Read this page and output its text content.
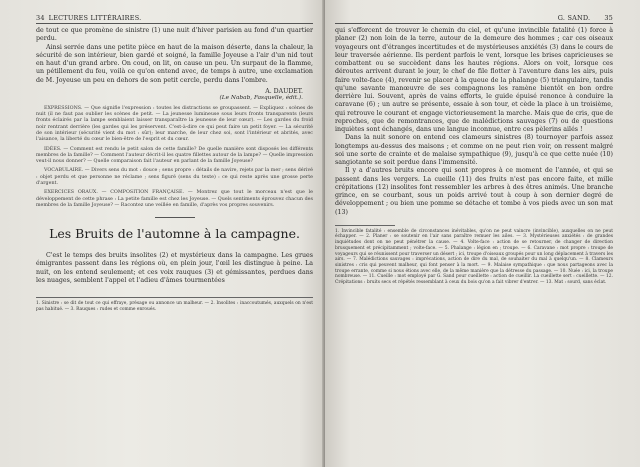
34 LECTURES LITTÉRAIRES.

de tout ce que promène de sinistre (1) une nuit d'hiver parisien au fond d'un quartier perdu.

Ainsi serrée dans une petite pièce en haut de la maison déserte, dans la chaleur, la sécurité de son intérieur, bien gardé et soigné, la famille Joyeuse a l'air d'un nid tout en haut d'un grand arbre. On coud, on lit, on cause un peu. Un surpaut de la flamme, un pétillement du feu, voilà ce qu'on entend avec, de temps à autre, une exclamation de M. Joyeuse un peu en dehors de son petit cercle, perdu dans l'ombre.

A. DAUDET.
(Le Nabab, Fasquelle, édit.).

EXPRESSIONS. — Que signifie l'expression : toutes les distractions se groupassent. — Expliquez : scènes de nuit (il ne faut pas oublier les scènes de petit. — La jeunesse lumineuse sous leurs fronts transparents (leurs fronts éclairés par la lampe semblaient laisser transparaître la jeunesse de leur cœur). — Les gardes du froid noir rentrant derrière (les gardes qui les préservent. C'est-à-dire ce qui peut faire un petit foyer. — La sécurité de son intérieur (sécurité vient du mot : sûr); leur marche, de leur chez soi, sont l'intérieur et abrités, avec l'aisance, la liberté du cœur le bien-être de l'esprit et du cœur.

IDÉES. — Comment est rendu le petit salon de cette famille? De quelle manière sont disposés les différents membres de la famille? — Comment l'auteur décrit-il les quatre fillettes autour de la lampe? — Quelle impression veut-il nous donner? — Quelle comparaison fait l'auteur en parlant de la famille Joyeuse?

VOCABULAIRE. — Divers sens du mot : douce ; sens propre : détails de navire, rejets par la mer ; sens dérivé : objet perdu et que personne ne réclame ; sens figuré (sens du texte) : ce qui reste après une grosse perte d'argent.

EXERCICES ORAUX. — COMPOSITION FRANÇAISE. — Montrez que tout le morceau n'est que le développement de cette phrase : La petite famille est chez les Joyeuse. — Quels sentiments éprouvez chacun des membres de la famille Joyeuse? — Racontez une veillée en famille, d'après vos propres souvenirs.

Les Bruits de l'automne à la campagne.

C'est le temps des bruits insolites (2) et mystérieux dans la campagne. Les grues émigrantes passent dans les régions où, en plein jour, l'œil les distingue à peine. La nuit, on les entend seulement; et ces voix rauques (3) et gémissantes, perdues dans les nuages, semblent l'appel et l'adieu d'âmes tourmentées

1. Sinistre : se dit de tout ce qui effraye, présage ou annonce un malheur. — 2. Insolites : inaccoutumés, auxquels on n'est pas habitué. — 3. Rauques : rudes et comme enroués.

G. SAND.	35

qui s'efforcent de trouver le chemin du ciel, et qu'une invincible fatalité (1) force à planer (2) non loin de la terre, autour de la demeure des hommes ; car ces oiseaux voyageurs ont d'étranges incertitudes et de mystérieuses anxiétés (3) dans le cours de leur traversée aérienne. Ils perdent parfois le vent, lorsque les brises capricieuses se combattent ou se succèdent dans les hautes régions. Alors on voit, lorsque ces déroutes arrivent durant le jour, le chef de file flotter à l'aventure dans les airs, puis faire volte-face (4), revenir se placer à la queue de la phalange (5) triangulaire, tandis qu'une savante manœuvre de ses compagnons les ramène bientôt en bon ordre derrière lui. Souvent, après de vains efforts, le guide épuisé renonce à conduire la caravane (6) ; un autre se présente, essaie à son tour, et cède la place à un troisième, qui retrouve le courant et engage victorieusement la marche. Mais que de cris, que de reproches, que de remontrances, que de malédictions sauvages (7) ou de questions inquiètes sont échangés, dans une langue inconnue, entre ces pèlerins ailés !

Dans la nuit sonore on entend ces clameurs sinistres (8) tournoyer parfois assez longtemps au-dessus des maisons ; et comme on ne peut rien voir, on ressent malgré soi une sorte de crainte et de malaise sympathique (9), jusqu'à ce que cette nuée (10) sangiotante se soit perdue dans l'immensité.

Il y a d'autres bruits encore qui sont propres à ce moment de l'année, et qui se passent dans les vergers. La cueille (11) des fruits n'est pas encore faite, et mille crépitations (12) insolites font ressembler les arbres à des êtres animés. Une branche grince, en se courbant, sous un poids arrivé tout à coup à son dernier degré de développement ; ou bien une pomme se détache et tombe à vos pieds avec un son mat (13)

1. Invincible fatalité : ensemble de circonstances inévitables, qu'on ne peut vaincre (invincible), auxquelles on ne peut échapper. — 2. Planer : se soutenir en l'air sans paraître remuer les ailes. — 3. Mystérieuses anxiétés : de grandes inquiétudes dont on ne peut pénétrer la cause. — 4. Volte-face : action de se retourner, de changer de direction brusquement et précipitamment ; volte-face. — 5. Phalange : légion en ; troupe. — 6. Caravane : mot propre : troupe de voyageurs qui se réunissent pour traverser un désert ; ici, troupe d'oiseaux groupés pour un long déplacement à travers les airs. — 7. Malédictions sauvages : imprécations, action de dire du mal, de souhaiter du mal à quelqu'un. — 8. Clameurs sinistres : cris qui peuvent malheur, qui font penser à la mort. — 9. Malaise sympathique : que nous partageons avec la troupe errante, comme si nous étions avec elle, de la même manière que la détresse du passage. — 10. Nuée : ici, la troupe nombreuse. — 11. Cueille : mot employé par G. Sand pour cueillette : action de cueillir. La cueillette sert : cueillette. — 12. Crépitations : bruits secs et répétés ressemblant à ceux du bois qu'on a fait vibrer d'entrer. — 13. Mat : sourd, sans éclat.
